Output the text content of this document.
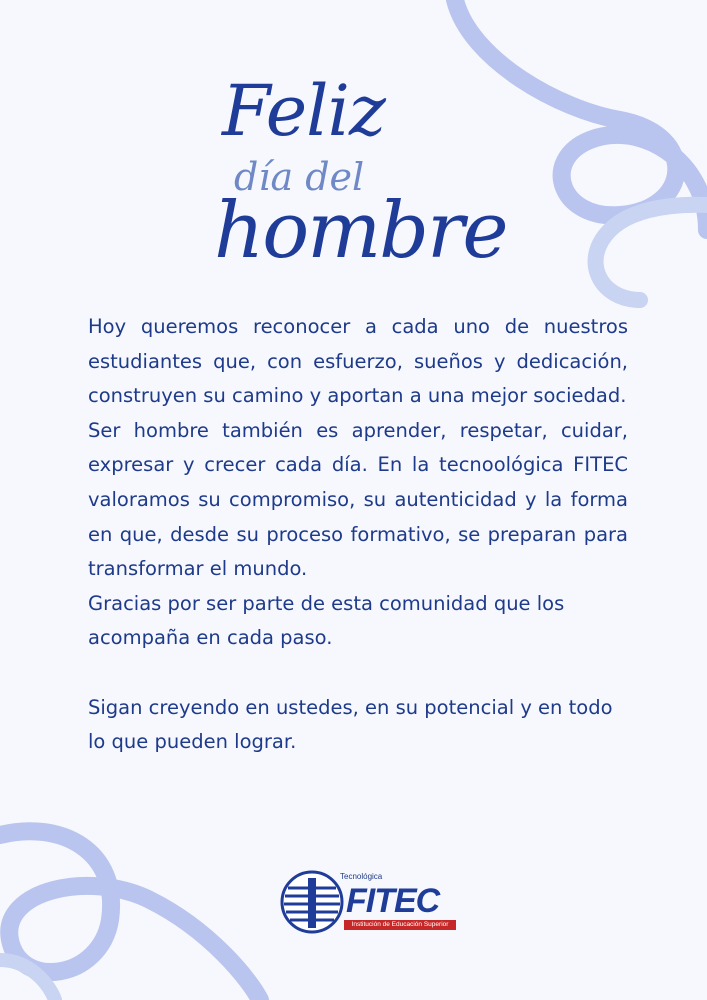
Feliz
día del
hombre

Hoy queremos reconocer a cada uno de nuestros estudiantes que, con esfuerzo, sueños y dedicación, construyen su camino y aportan a una mejor sociedad.

Ser hombre también es aprender, respetar, cuidar, expresar y crecer cada día. En la tecnoológica FITEC valoramos su compromiso, su autenticidad y la forma en que, desde su proceso formativo, se preparan para transformar el mundo.

Gracias por ser parte de esta comunidad que los acompaña en cada paso.

Sigan creyendo en ustedes, en su potencial y en todo lo que pueden lograr.

Tecnológica
FITEC
Institución de Educación Superior
